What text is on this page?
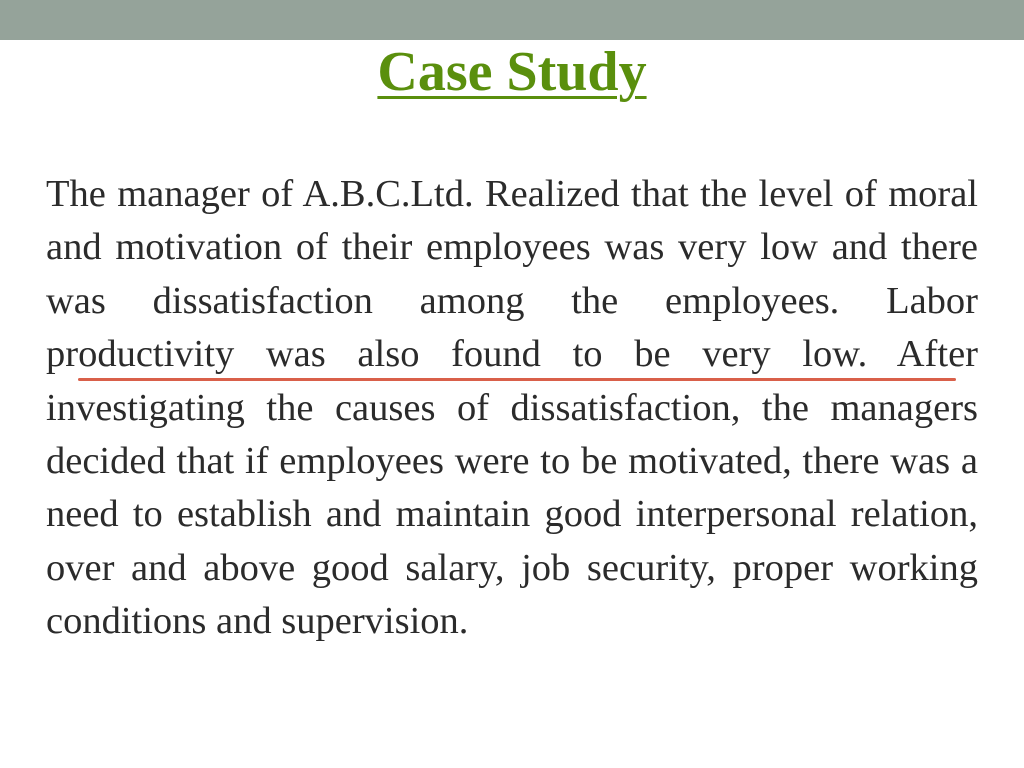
Case Study

The manager of A.B.C.Ltd. Realized that the level of moral and motivation of their employees was very low and there was dissatisfaction among the employees. Labor productivity was also found to be very low. After investigating the causes of dissatisfaction, the managers decided that if employees were to be motivated, there was a need to establish and maintain good interpersonal relation, over and above good salary, job security, proper working conditions and supervision.
